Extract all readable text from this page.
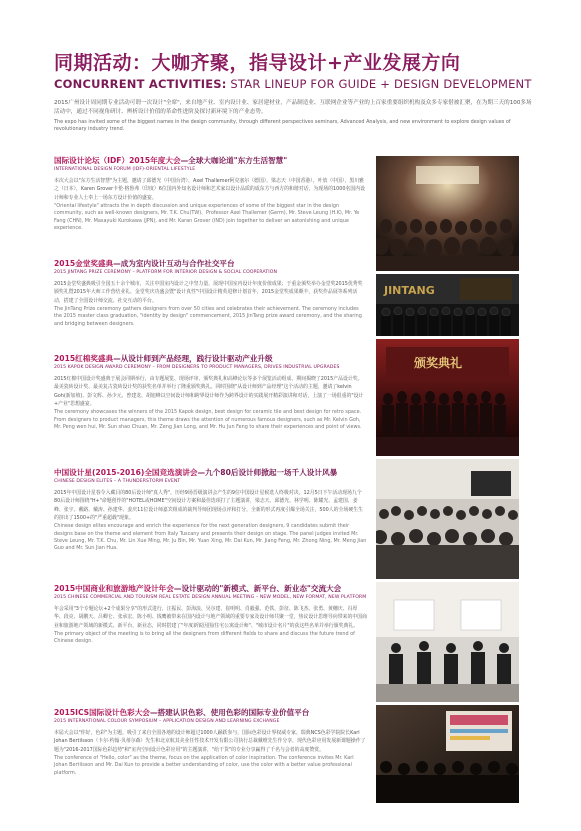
同期活动：大咖齐聚，指导设计+产业发展方向
CONCURRENT ACTIVITIES: STAR LINEUP FOR GUIDE + DESIGN DEVELOPMENT
2015广州设计周同期专业活动可谓一次设计"全席"，来自地产业、室内设计业、家居建材业，产品制造业、互联网企业等产业的上百家重要组织机构及众多专家借被汇聚，在为期三天的100多场活动中，通过不同视角研讨、辨析设计价值的革命性进阶及探讨新环境下的产业态势。
The expo has invited some of the biggest names in the design community, through different perspectives seminars, Advanced Analysis, and new environment to explore design values of revolutionary industry trend.
国际设计论坛（IDF）2015年度大会—全球大咖论道"东方生活智慧"
INTERNATIONAL DESIGN FORUM (IDF)-ORIENTAL LIFESTYLE
本次大会以"东方生活智慧"为主题，邀请了邱德光（中国台湾），Axel Thallemer阿克塞尔（德国），梁志天（中国香港），叶放（中国），黑川雅之（日本），Karen Grover卡伦·格鲁弗（印度）6位国内外知名设计师和艺术家以设计品质的成东方与西方的和谐对话，为现场的1000名国内设计师和专业人士奉上一场东方设计价值的盛宴。
"Oriental lifestyle" attracts the in depth discussion and unique experiences of some of the biggest star in the design community, such as well-known designers, Mr. T.K. Chu(TW)、Professor Axel Thallemer (Germ), Mr. Steve Leung (H.K), Mr. Ye Fang (CHN), Mr. Masayuki Kurokawa (JPN), and Mr. Karan Grover (IND) join together to deliver an astonishing and unique experience.
2015金堂奖盛典—成为室内设计互动与合作社交平台
2015 JINTANG PRIZE CEREMONY – PLATFORM FOR INTERIOR DESIGN & SOCIAL COOPERATION
2015金堂奖盛典吸引全国五十余个城市，关注中国室内设计之中坚力量，展现中国室内设计年度价值成果；于重金颁奖举办金堂奖2015优秀奖颁奖礼暨2015年大师工作营结业礼、金堂奖庆功盛会暨"设计真性"中国设计精英进修计划首年，2015金堂奖成果颇丰，获奖作品展等系列活动，搭建了全国设计师交流、社交互动的平台。
The JinTang Prize ceremony gathers designers from over 50 cities and celebrates their achievement. The ceremony includes the 2015 master class graduation, "identity by design" commencement, 2015 JinTang prize award ceremony, and the sharing and bridging between designers.
2015红棉奖盛典—从设计师到产品经理，践行设计驱动产业升级
2015 KAPOK DESIGN AWARD CEREMONY – FROM DESIGNERS TO PRODUCT MANAGERS, DRIVES INDUSTRIAL UPGRADES
2015红棉中国设计奖盛典于展会同期举行，由专题展览、现场评审、颁奖典礼和高峰论坛等多个展览活动组成，期间揭晓了2015产品设计奖。最美瓷砖设计奖、最美复古瓷砖设计奖的获奖名单并举行了隆重颁奖典礼。同时围绕"从设计师到产品经理"这个活动的主题，邀请了kelvin Goh(新加坡)、彭文辉、孙少元、曾建龙、胡旭峰以空间设计师和跨界设计师作为跨界设计的实践展开精彩演讲和对话，上演了一场很重的"设计+产业"思想盛宴。
The ceremony showcases the winners of the 2015 Kapok design, best design for ceramic tile and best design for retro space. From designers to product managers, this theme draws the attention of numerous famous designers, such as Mr. Kelvin Goh, Mr. Peng wen hui, Mr. Sun shao Chuan, Mr. Zeng Jian Long, and Mr. Hu Jun Feng to share their experiences and point of views.
中国设计星(2015-2016)全国竞选演讲会—九个80后设计师掀起一场千人设计风暴
CHINESE DESIGN ELITES – A THUNDERSTORM EVENT
2015年中国设计星春令入藏目的80后设计师"真人秀"，历经9场晋级演讲会产生的9位中国设计星候选人终极对决，12月5日下午活动现场九个80后设计师围绕"H+"命题创作的"HOTEL或HOME"空间设计方案和最佳选项打了主题演讲，梁志天、邱德光、林学明、陈耀光、孟建国、姜峰、张宇、戴路、戴涛、孙建华、姜庆11位设计师嘉宾组成的裁判导师团现场点评和打分，全新的形式再度引爆全场关注，500人的全场硬生生的挤出了1500+的"严重超载"现象。
Chinese design elites encourage and enrich the experience for the next generation designers, 9 candidates submit their designs base on the theme and element from Italy Tuscany and presents their design on stage. The panel judges invited Mr. Steve Leung, Mr. T.K. Chu, Mr. Lin Xue Ming, Mr. Ju Bin, Mr. Yuan Xing, Mr. Dai Kun, Mr. Jiang Feng, Mr. Zhong Ning, Mr. Meng Jian Guo and Mr. Sun Jian Hua.
2015中国商业和旅游地产设计年会—设计驱动的"新模式、新平台、新业态"交流大会
2015 CHINESE COMMERCIAL AND TOURISM REAL ESTATE DESIGN ANNUAL MEETING – NEW MODEL, NEW FORMAT, NEW PLATFORM
年会采用"3个专题论坛+2个成果分享"的形式进行，汪振民、彭海浪、吴尔建、崔明明、肖毅强、范铁、彭征、陈飞杰、张勇、黄穗庆、冯厚华、段亮、胡鹏天、吕卿仑、张承宏、陈小明、钱鹰被带来在国内设计与地产领域的重要专家及设计师共聚一堂，热议设计思维导向带来的中国商业和旅游地产领域的新模式、新平台、新业态，同时搭建了"年度新锐因围/住宅公寓设计师"、"城市设计名片"的获这些名单并举行颁奖典礼。
The primary object of the meeting is to bring all the designers from different fields to share and discuss the future trend of Chinese design.
2015ICS国际设计色彩大会—搭建认识色彩、使用色彩的国际专业价值平台
2015 INTERNATIONAL COLOUR SYMPOSIUM – APPLICATION DESIGN AND LEARNING EXCHANGE
本届大会以"你好，色彩"为主题，吸引了来自全国各地的设计师超过1000人踊跃参与，国际色彩设计界权威专家、瑞典NCS色彩学院院长Karl Johan Bertilsson（卡尔·约翰·贝蒂尔森）先生和北京航其美业任性技术开发有限公司执行总裁戴维先生作分享，现代色彩应用发展新课题操作了题为"2016-2017国际色彩趋势"和"室内空间设计色彩应用"的主题演讲，"给干货"的专业分享赢得了千名与会者的高度赞赏。
The conference of "Hello, color" as the theme, focus on the application of color inspiration. The conference invites Mr. Karl Johan Bertilsson and Mr. Dai Kun to provide a better understanding of color, use the color with a better value professional platform.
JINTANG
颁奖典礼
